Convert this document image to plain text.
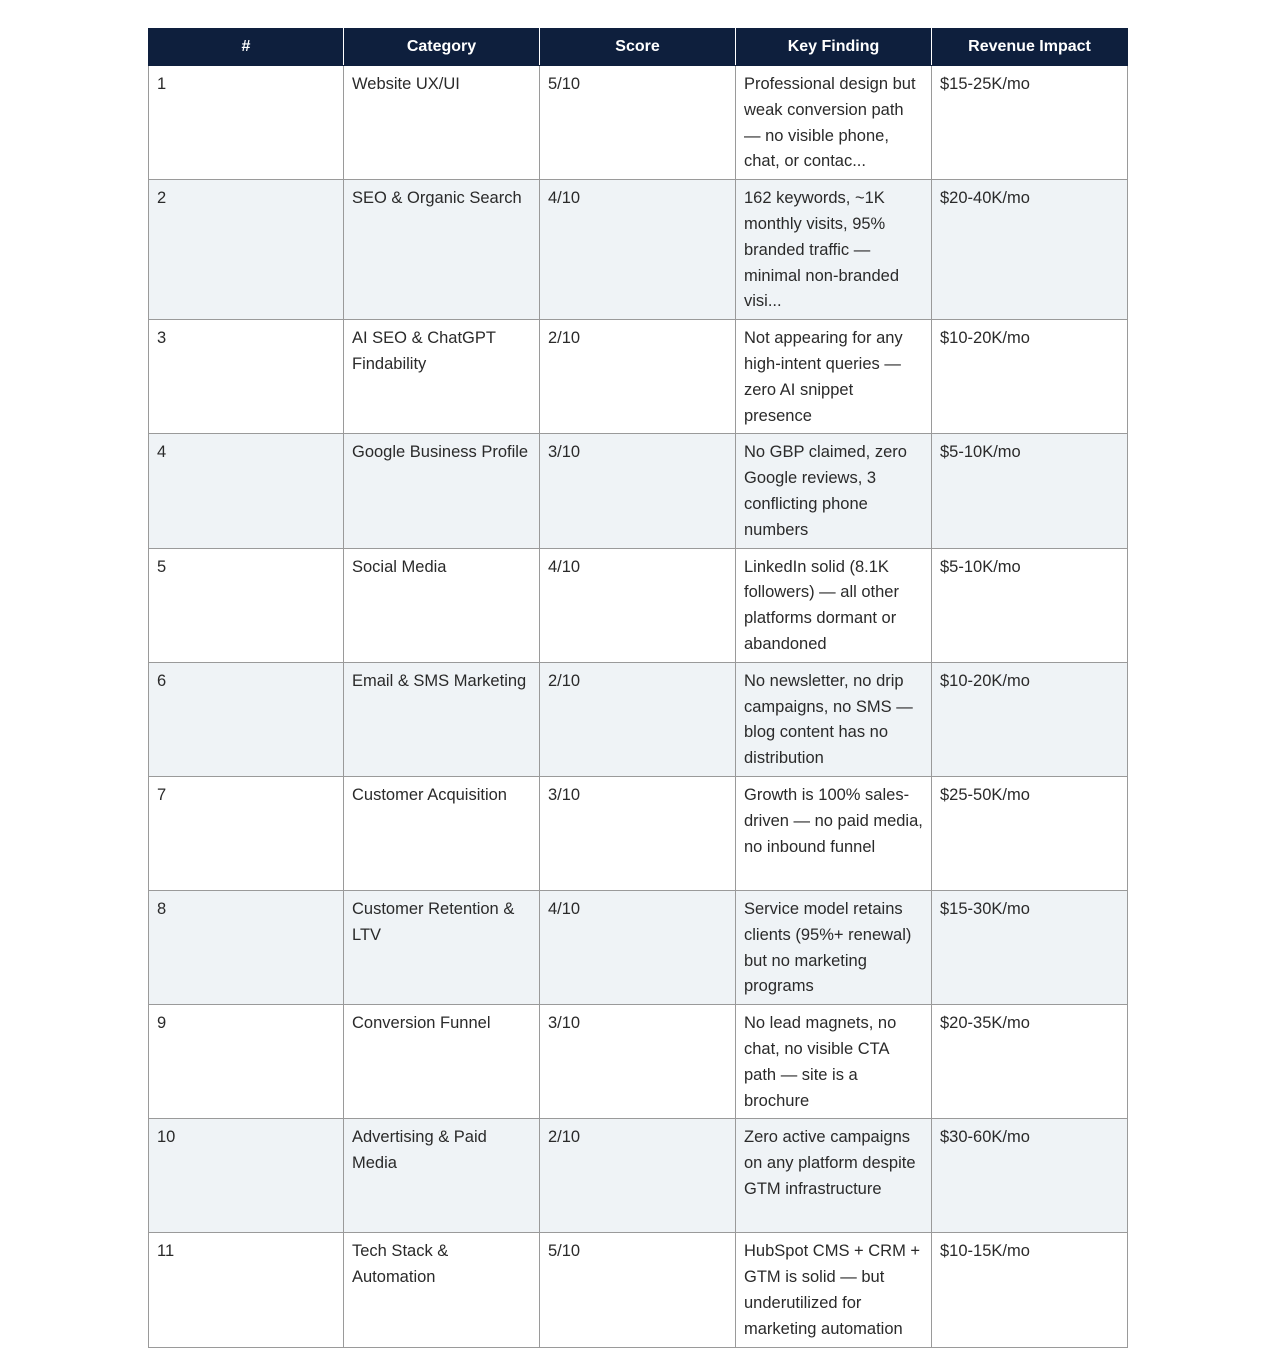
#	Category	Score	Key Finding	Revenue Impact
1	Website UX/UI	5/10	Professional design but weak conversion path — no visible phone, chat, or contac...	$15-25K/mo
2	SEO & Organic Search	4/10	162 keywords, ~1K monthly visits, 95% branded traffic — minimal non-branded visi...	$20-40K/mo
3	AI SEO & ChatGPT Findability	2/10	Not appearing for any high-intent queries — zero AI snippet presence	$10-20K/mo
4	Google Business Profile	3/10	No GBP claimed, zero Google reviews, 3 conflicting phone numbers	$5-10K/mo
5	Social Media	4/10	LinkedIn solid (8.1K followers) — all other platforms dormant or abandoned	$5-10K/mo
6	Email & SMS Marketing	2/10	No newsletter, no drip campaigns, no SMS — blog content has no distribution	$10-20K/mo
7	Customer Acquisition	3/10	Growth is 100% sales-driven — no paid media, no inbound funnel	$25-50K/mo
8	Customer Retention & LTV	4/10	Service model retains clients (95%+ renewal) but no marketing programs	$15-30K/mo
9	Conversion Funnel	3/10	No lead magnets, no chat, no visible CTA path — site is a brochure	$20-35K/mo
10	Advertising & Paid Media	2/10	Zero active campaigns on any platform despite GTM infrastructure	$30-60K/mo
11	Tech Stack & Automation	5/10	HubSpot CMS + CRM + GTM is solid — but underutilized for marketing automation	$10-15K/mo
